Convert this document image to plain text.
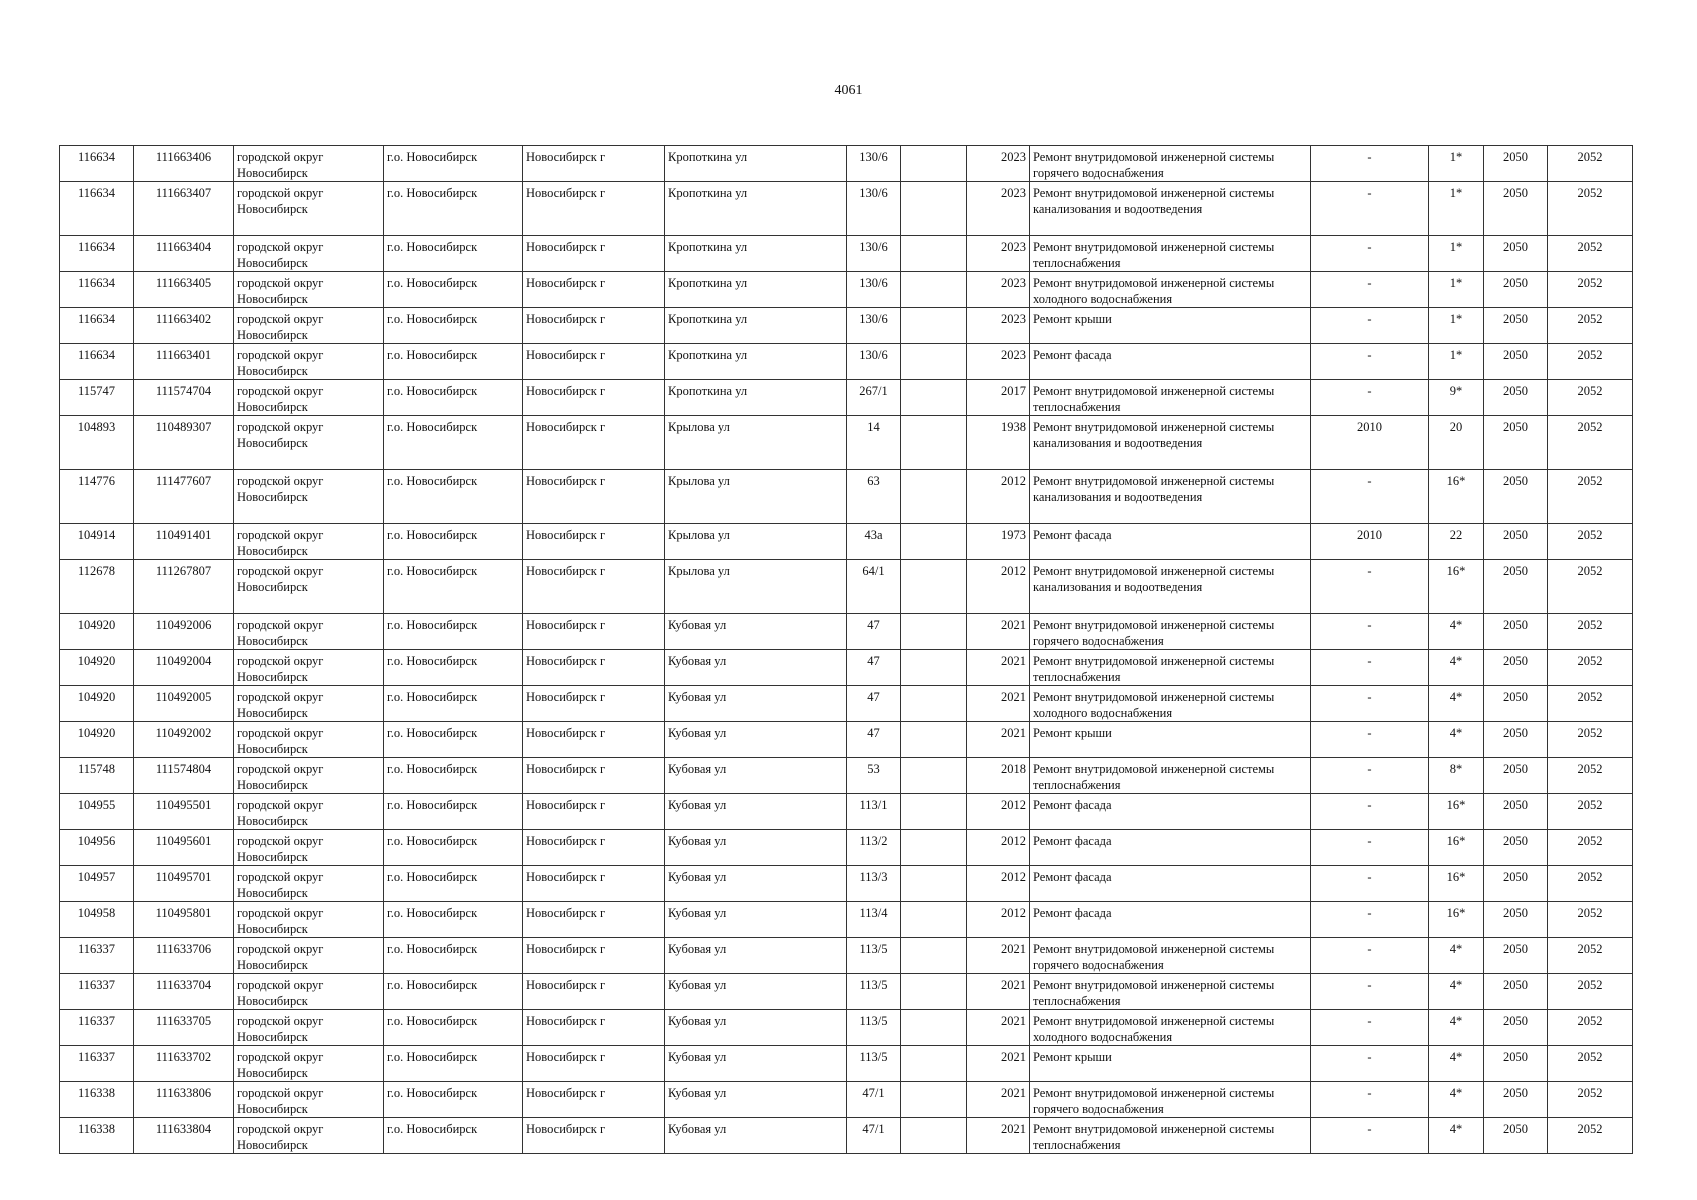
4061
116634	111663406	городской округ Новосибирск	г.о. Новосибирск	Новосибирск г	Кропоткина ул	130/6		2023	Ремонт внутридомовой инженерной системы горячего водоснабжения	-	1*	2050	2052
116634	111663407	городской округ Новосибирск	г.о. Новосибирск	Новосибирск г	Кропоткина ул	130/6		2023	Ремонт внутридомовой инженерной системы канализования и водоотведения	-	1*	2050	2052
116634	111663404	городской округ Новосибирск	г.о. Новосибирск	Новосибирск г	Кропоткина ул	130/6		2023	Ремонт внутридомовой инженерной системы теплоснабжения	-	1*	2050	2052
116634	111663405	городской округ Новосибирск	г.о. Новосибирск	Новосибирск г	Кропоткина ул	130/6		2023	Ремонт внутридомовой инженерной системы холодного водоснабжения	-	1*	2050	2052
116634	111663402	городской округ Новосибирск	г.о. Новосибирск	Новосибирск г	Кропоткина ул	130/6		2023	Ремонт крыши	-	1*	2050	2052
116634	111663401	городской округ Новосибирск	г.о. Новосибирск	Новосибирск г	Кропоткина ул	130/6		2023	Ремонт фасада	-	1*	2050	2052
115747	111574704	городской округ Новосибирск	г.о. Новосибирск	Новосибирск г	Кропоткина ул	267/1		2017	Ремонт внутридомовой инженерной системы теплоснабжения	-	9*	2050	2052
104893	110489307	городской округ Новосибирск	г.о. Новосибирск	Новосибирск г	Крылова ул	14		1938	Ремонт внутридомовой инженерной системы канализования и водоотведения	2010	20	2050	2052
114776	111477607	городской округ Новосибирск	г.о. Новосибирск	Новосибирск г	Крылова ул	63		2012	Ремонт внутридомовой инженерной системы канализования и водоотведения	-	16*	2050	2052
104914	110491401	городской округ Новосибирск	г.о. Новосибирск	Новосибирск г	Крылова ул	43а		1973	Ремонт фасада	2010	22	2050	2052
112678	111267807	городской округ Новосибирск	г.о. Новосибирск	Новосибирск г	Крылова ул	64/1		2012	Ремонт внутридомовой инженерной системы канализования и водоотведения	-	16*	2050	2052
104920	110492006	городской округ Новосибирск	г.о. Новосибирск	Новосибирск г	Кубовая ул	47		2021	Ремонт внутридомовой инженерной системы горячего водоснабжения	-	4*	2050	2052
104920	110492004	городской округ Новосибирск	г.о. Новосибирск	Новосибирск г	Кубовая ул	47		2021	Ремонт внутридомовой инженерной системы теплоснабжения	-	4*	2050	2052
104920	110492005	городской округ Новосибирск	г.о. Новосибирск	Новосибирск г	Кубовая ул	47		2021	Ремонт внутридомовой инженерной системы холодного водоснабжения	-	4*	2050	2052
104920	110492002	городской округ Новосибирск	г.о. Новосибирск	Новосибирск г	Кубовая ул	47		2021	Ремонт крыши	-	4*	2050	2052
115748	111574804	городской округ Новосибирск	г.о. Новосибирск	Новосибирск г	Кубовая ул	53		2018	Ремонт внутридомовой инженерной системы теплоснабжения	-	8*	2050	2052
104955	110495501	городской округ Новосибирск	г.о. Новосибирск	Новосибирск г	Кубовая ул	113/1		2012	Ремонт фасада	-	16*	2050	2052
104956	110495601	городской округ Новосибирск	г.о. Новосибирск	Новосибирск г	Кубовая ул	113/2		2012	Ремонт фасада	-	16*	2050	2052
104957	110495701	городской округ Новосибирск	г.о. Новосибирск	Новосибирск г	Кубовая ул	113/3		2012	Ремонт фасада	-	16*	2050	2052
104958	110495801	городской округ Новосибирск	г.о. Новосибирск	Новосибирск г	Кубовая ул	113/4		2012	Ремонт фасада	-	16*	2050	2052
116337	111633706	городской округ Новосибирск	г.о. Новосибирск	Новосибирск г	Кубовая ул	113/5		2021	Ремонт внутридомовой инженерной системы горячего водоснабжения	-	4*	2050	2052
116337	111633704	городской округ Новосибирск	г.о. Новосибирск	Новосибирск г	Кубовая ул	113/5		2021	Ремонт внутридомовой инженерной системы теплоснабжения	-	4*	2050	2052
116337	111633705	городской округ Новосибирск	г.о. Новосибирск	Новосибирск г	Кубовая ул	113/5		2021	Ремонт внутридомовой инженерной системы холодного водоснабжения	-	4*	2050	2052
116337	111633702	городской округ Новосибирск	г.о. Новосибирск	Новосибирск г	Кубовая ул	113/5		2021	Ремонт крыши	-	4*	2050	2052
116338	111633806	городской округ Новосибирск	г.о. Новосибирск	Новосибирск г	Кубовая ул	47/1		2021	Ремонт внутридомовой инженерной системы горячего водоснабжения	-	4*	2050	2052
116338	111633804	городской округ Новосибирск	г.о. Новосибирск	Новосибирск г	Кубовая ул	47/1		2021	Ремонт внутридомовой инженерной системы теплоснабжения	-	4*	2050	2052
